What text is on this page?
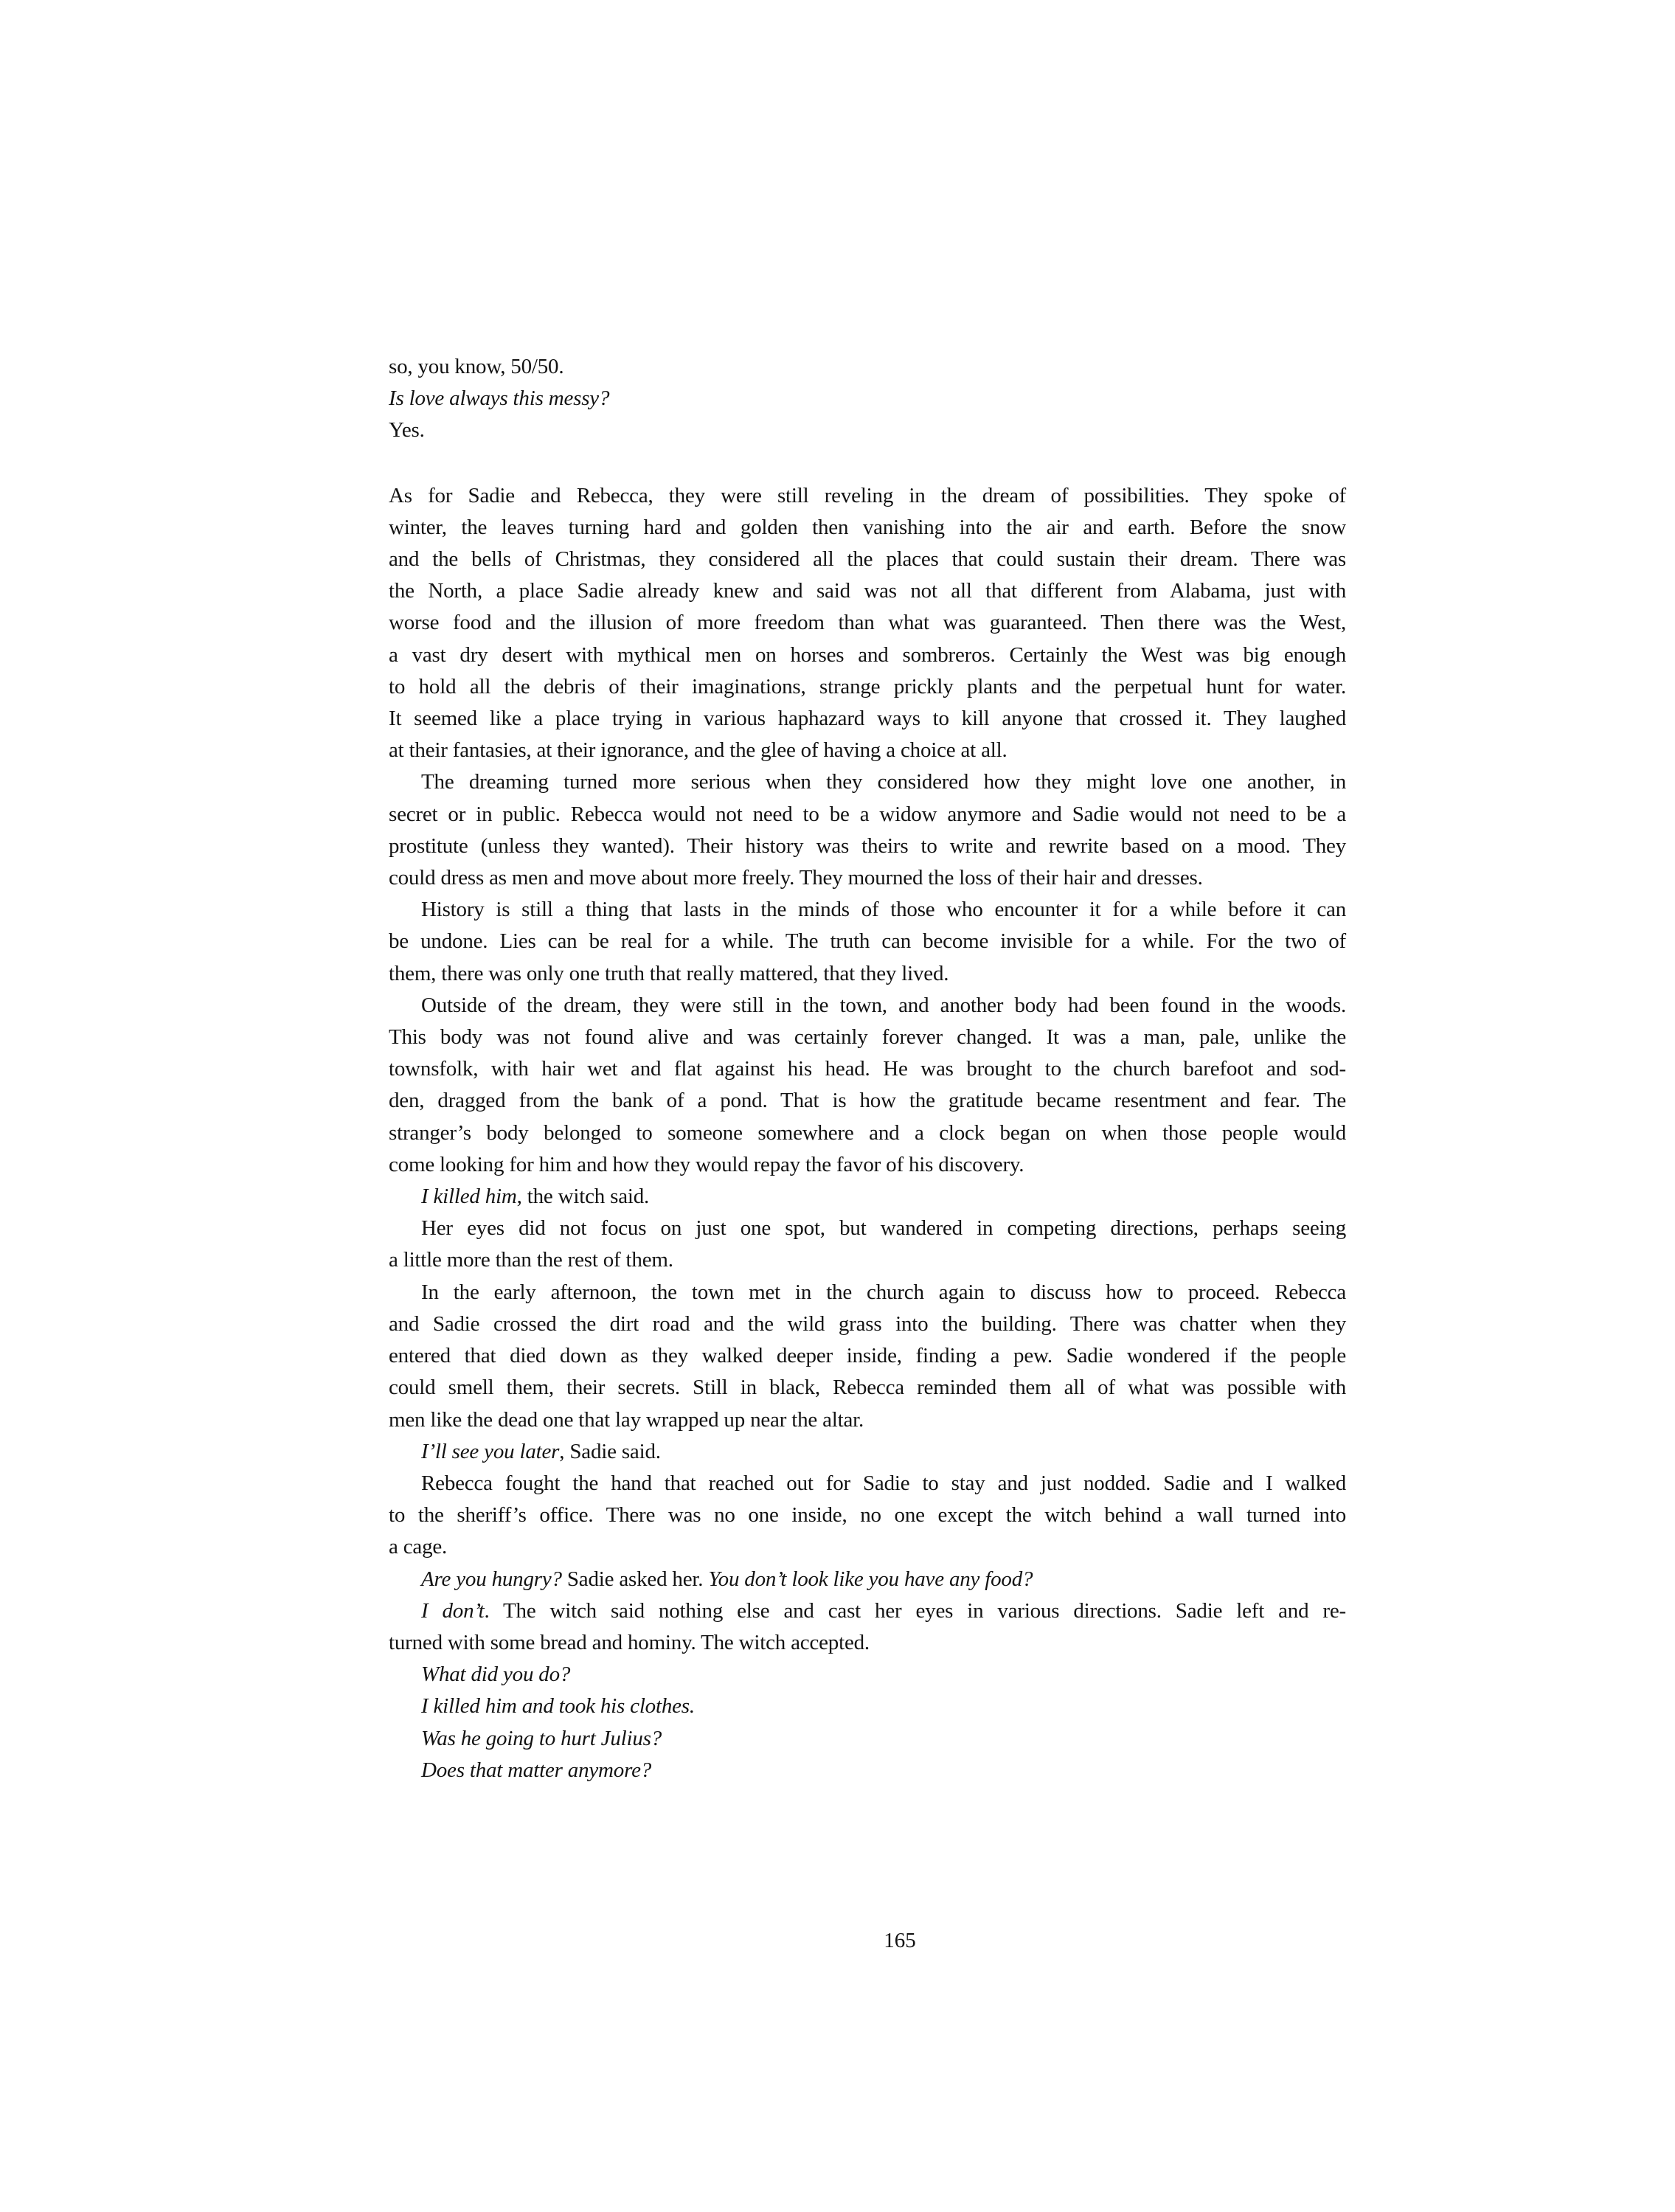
so, you know, 50/50.
Is love always this messy?
Yes.
As for Sadie and Rebecca, they were still reveling in the dream of possibilities. They spoke of
winter, the leaves turning hard and golden then vanishing into the air and earth. Before the snow
and the bells of Christmas, they considered all the places that could sustain their dream. There was
the North, a place Sadie already knew and said was not all that different from Alabama, just with
worse food and the illusion of more freedom than what was guaranteed. Then there was the West,
a vast dry desert with mythical men on horses and sombreros. Certainly the West was big enough
to hold all the debris of their imaginations, strange prickly plants and the perpetual hunt for water.
It seemed like a place trying in various haphazard ways to kill anyone that crossed it. They laughed
at their fantasies, at their ignorance, and the glee of having a choice at all.
The dreaming turned more serious when they considered how they might love one another, in
secret or in public. Rebecca would not need to be a widow anymore and Sadie would not need to be a
prostitute (unless they wanted). Their history was theirs to write and rewrite based on a mood. They
could dress as men and move about more freely. They mourned the loss of their hair and dresses.
History is still a thing that lasts in the minds of those who encounter it for a while before it can
be undone. Lies can be real for a while. The truth can become invisible for a while. For the two of
them, there was only one truth that really mattered, that they lived.
Outside of the dream, they were still in the town, and another body had been found in the woods.
This body was not found alive and was certainly forever changed. It was a man, pale, unlike the
townsfolk, with hair wet and flat against his head. He was brought to the church barefoot and sod-
den, dragged from the bank of a pond. That is how the gratitude became resentment and fear. The
stranger’s body belonged to someone somewhere and a clock began on when those people would
come looking for him and how they would repay the favor of his discovery.
I killed him, the witch said.
Her eyes did not focus on just one spot, but wandered in competing directions, perhaps seeing
a little more than the rest of them.
In the early afternoon, the town met in the church again to discuss how to proceed. Rebecca
and Sadie crossed the dirt road and the wild grass into the building. There was chatter when they
entered that died down as they walked deeper inside, finding a pew. Sadie wondered if the people
could smell them, their secrets. Still in black, Rebecca reminded them all of what was possible with
men like the dead one that lay wrapped up near the altar.
I’ll see you later, Sadie said.
Rebecca fought the hand that reached out for Sadie to stay and just nodded. Sadie and I walked
to the sheriff’s office. There was no one inside, no one except the witch behind a wall turned into
a cage.
Are you hungry? Sadie asked her. You don’t look like you have any food?
I don’t. The witch said nothing else and cast her eyes in various directions. Sadie left and re-
turned with some bread and hominy. The witch accepted.
What did you do?
I killed him and took his clothes.
Was he going to hurt Julius?
Does that matter anymore?
165
